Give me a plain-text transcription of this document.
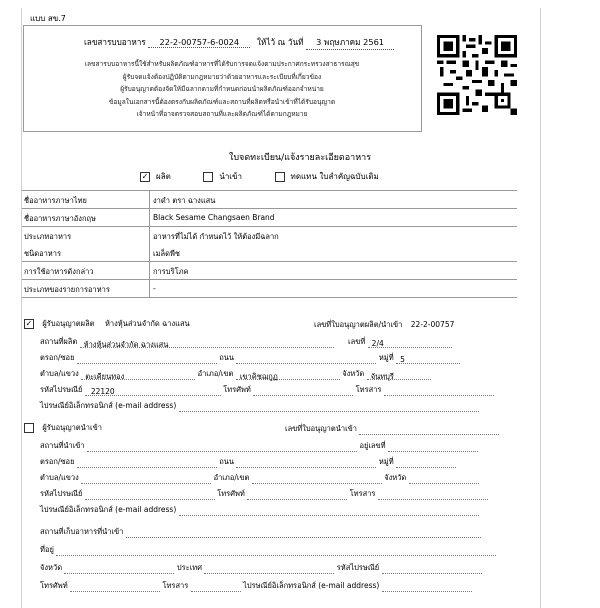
แบบ สข.7
เลขสารบบอาหาร 22-2-00757-6-0024 ให้ไว้ ณ วันที่ 3 พฤษภาคม 2561
เลขสารบบอาหารนี้ใช้สำหรับผลิตภัณฑ์อาหารที่ได้รับการจดแจ้งตามประกาศกระทรวงสาธารณสุข
ผู้รับจดแจ้งต้องปฏิบัติตามกฎหมายว่าด้วยอาหารและระเบียบที่เกี่ยวข้อง
ผู้รับอนุญาตต้องจัดให้มีฉลากตามที่กำหนดก่อนนำผลิตภัณฑ์ออกจำหน่าย
ข้อมูลในเอกสารนี้ต้องตรงกับผลิตภัณฑ์และสถานที่ผลิตหรือนำเข้าที่ได้รับอนุญาต
เจ้าหน้าที่อาจตรวจสอบสถานที่และผลิตภัณฑ์ได้ตามกฎหมาย
ใบจดทะเบียน/แจ้งรายละเอียดอาหาร
✓ ผลิต	นำเข้า	ทดแทน ใบสำคัญฉบับเดิม
ชื่ออาหารภาษาไทย	งาดำ ตรา ฉางแสน
ชื่ออาหารภาษาอังกฤษ	Black Sesame Changsaen Brand
ประเภทอาหาร	อาหารที่ไม่ได้ กำหนดไว้ ให้ต้องมีฉลาก
ชนิดอาหาร	เมล็ดพืช
การใช้อาหารดังกล่าว	การบริโภค
ประเภทของรายการอาหาร	-
✓ ผู้รับอนุญาตผลิต ห้างหุ้นส่วนจำกัด ฉางแสน	เลขที่ใบอนุญาตผลิต/นำเข้า 22-2-00757
สถานที่ผลิต ห้างหุ้นส่วนจำกัด ฉางแสน	เลขที่ 2/4
ตรอก/ซอย	ถนน	หมู่ที่ 5
ตำบล/แขวง ตะเคียนทอง	อำเภอ/เขต เขาคิชฌกูฏ	จังหวัด จันทบุรี
รหัสไปรษณีย์ 22120	โทรศัพท์	โทรสาร
ไปรษณีย์อิเล็กทรอนิกส์ (e-mail address)
ผู้รับอนุญาตนำเข้า	เลขที่ใบอนุญาตนำเข้า
สถานที่นำเข้า	อยู่เลขที่
ตรอก/ซอย	ถนน	หมู่ที่
ตำบล/แขวง	อำเภอ/เขต	จังหวัด
รหัสไปรษณีย์	โทรศัพท์	โทรสาร
ไปรษณีย์อิเล็กทรอนิกส์ (e-mail address)
สถานที่เก็บอาหารที่นำเข้า
ที่อยู่
จังหวัด	ประเทศ	รหัสไปรษณีย์
โทรศัพท์	โทรสาร	ไปรษณีย์อิเล็กทรอนิกส์ (e-mail address)
